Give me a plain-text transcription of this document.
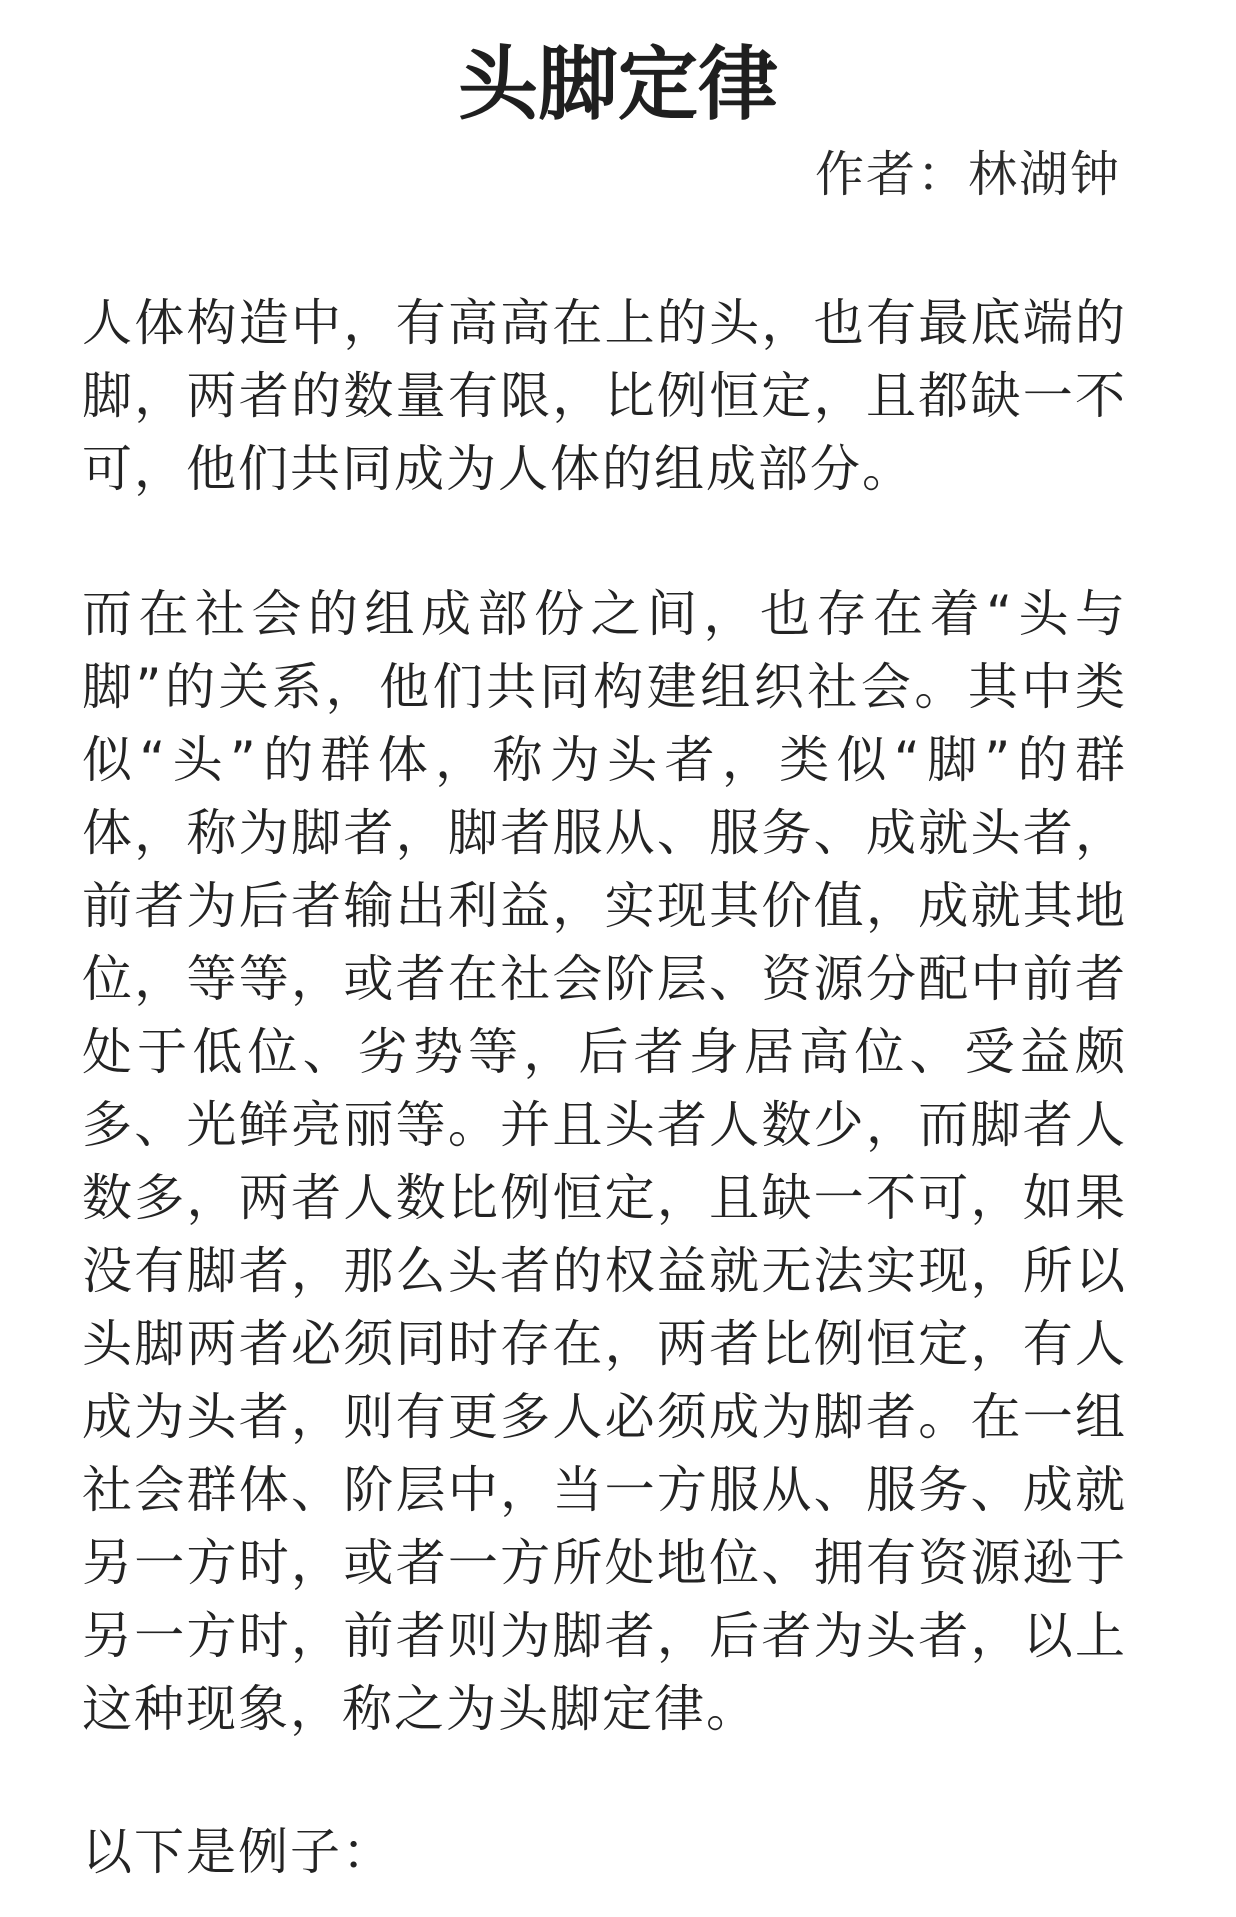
头脚定律
作者：林湖钟

人体构造中，有高高在上的头，也有最底端的脚，两者的数量有限，比例恒定，且都缺一不可，他们共同成为人体的组成部分。

而在社会的组成部份之间，也存在着“头与脚”的关系，他们共同构建组织社会。其中类似“头”的群体，称为头者，类似“脚”的群体，称为脚者，脚者服从、服务、成就头者，前者为后者输出利益，实现其价值，成就其地位，等等，或者在社会阶层、资源分配中前者处于低位、劣势等，后者身居高位、受益颇多、光鲜亮丽等。并且头者人数少，而脚者人数多，两者人数比例恒定，且缺一不可，如果没有脚者，那么头者的权益就无法实现，所以头脚两者必须同时存在，两者比例恒定，有人成为头者，则有更多人必须成为脚者。在一组社会群体、阶层中，当一方服从、服务、成就另一方时，或者一方所处地位、拥有资源逊于另一方时，前者则为脚者，后者为头者，以上这种现象，称之为头脚定律。

以下是例子：
